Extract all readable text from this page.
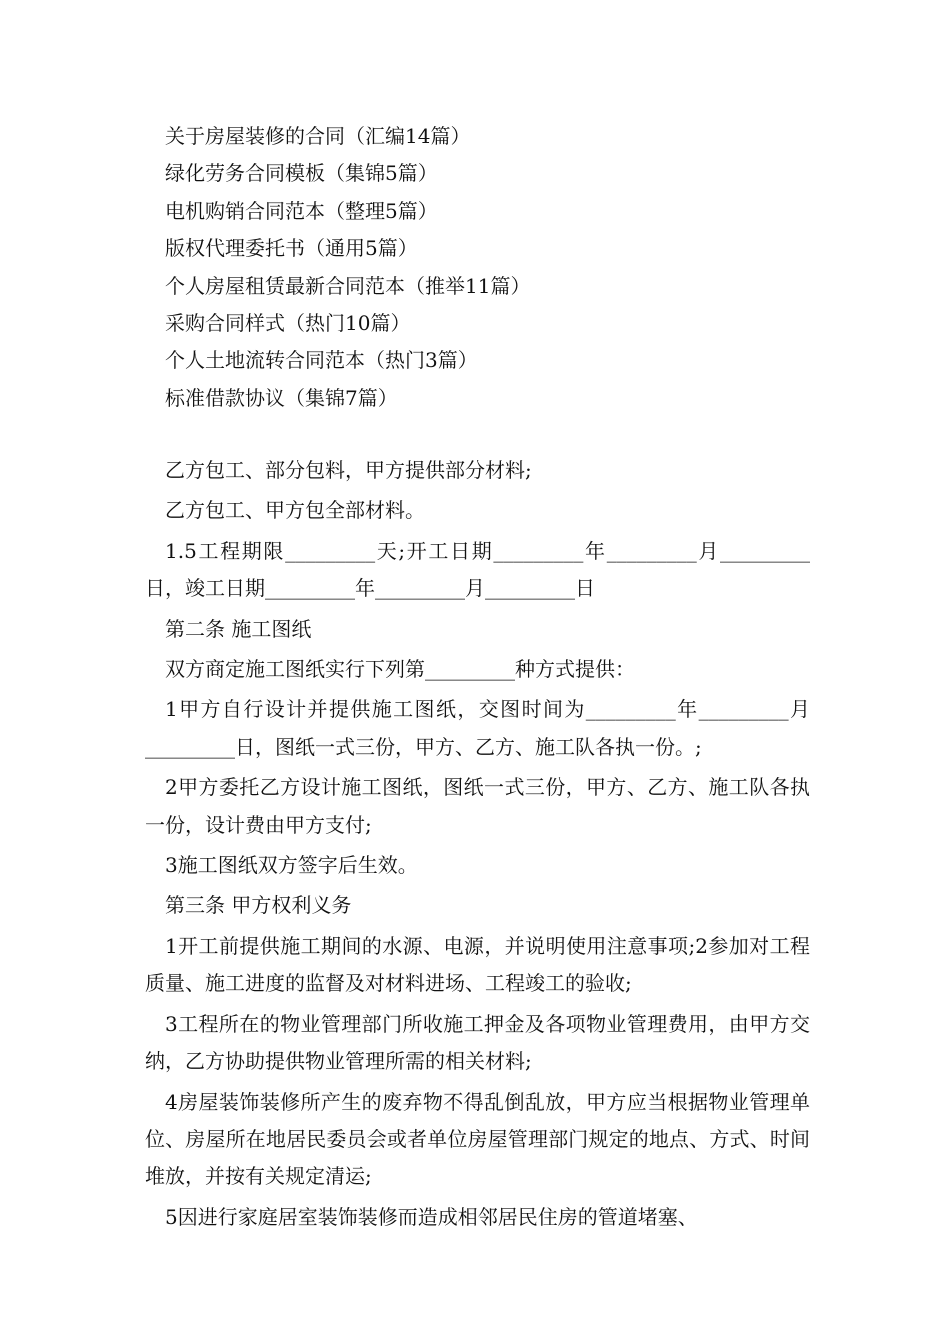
关于房屋装修的合同（汇编14篇）
绿化劳务合同模板（集锦5篇）
电机购销合同范本（整理5篇）
版权代理委托书（通用5篇）
个人房屋租赁最新合同范本（推举11篇）
采购合同样式（热门10篇）
个人土地流转合同范本（热门3篇）
标准借款协议（集锦7篇）

乙方包工、部分包料，甲方提供部分材料;

乙方包工、甲方包全部材料。

1.5工程期限_________天;开工日期_________年_________月_________日，竣工日期_________年_________月_________日

第二条 施工图纸

双方商定施工图纸实行下列第_________种方式提供：

1甲方自行设计并提供施工图纸，交图时间为_________年_________月_________日，图纸一式三份，甲方、乙方、施工队各执一份。;

2甲方委托乙方设计施工图纸，图纸一式三份，甲方、乙方、施工队各执一份，设计费由甲方支付;

3施工图纸双方签字后生效。

第三条 甲方权利义务

1开工前提供施工期间的水源、电源，并说明使用注意事项;2参加对工程质量、施工进度的监督及对材料进场、工程竣工的验收;

3工程所在的物业管理部门所收施工押金及各项物业管理费用，由甲方交纳，乙方协助提供物业管理所需的相关材料;

4房屋装饰装修所产生的废弃物不得乱倒乱放，甲方应当根据物业管理单位、房屋所在地居民委员会或者单位房屋管理部门规定的地点、方式、时间堆放，并按有关规定清运;

5因进行家庭居室装饰装修而造成相邻居民住房的管道堵塞、
